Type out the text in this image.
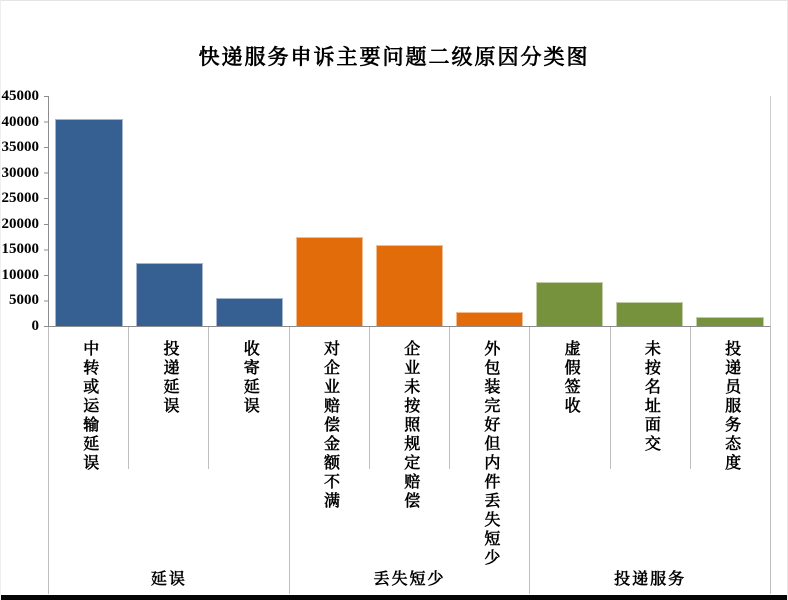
快递服务申诉主要问题二级原因分类图
45000
40000
35000
30000
25000
20000
15000
10000
5000
0
中转或运输延误	投递延误	收寄延误
延误
对企业赔偿金额不满	企业未按照规定赔偿	外包装完好但内件丢失短少
丢失短少
虚假签收	未按名址面交	投递员服务态度
投递服务
